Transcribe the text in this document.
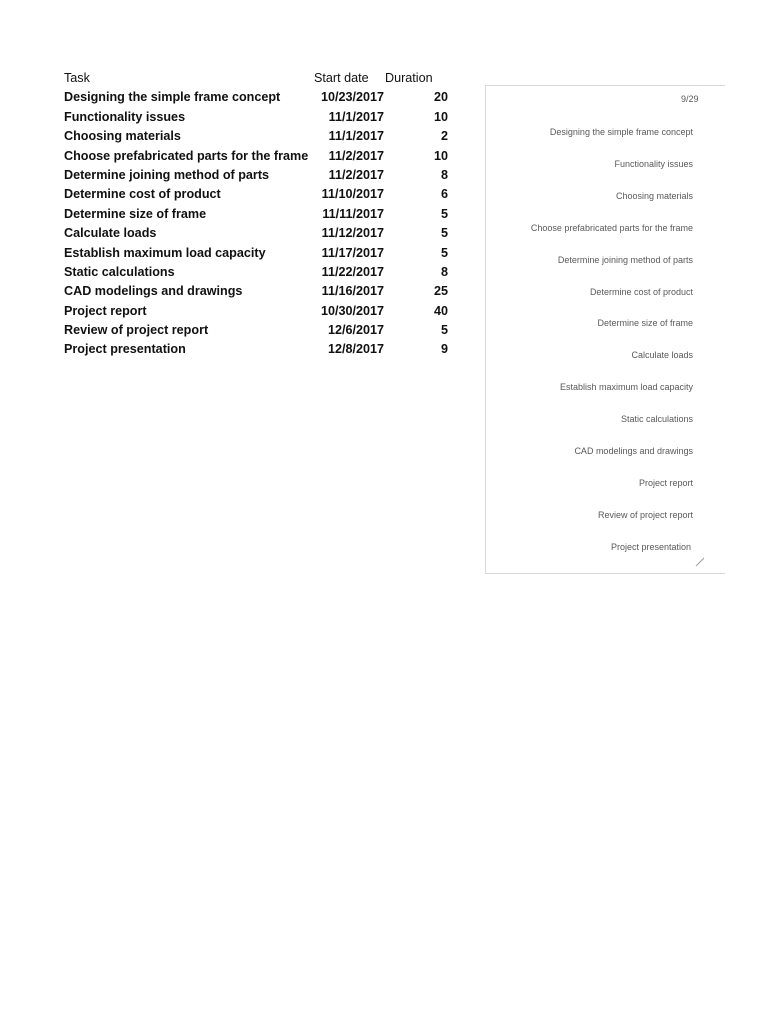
Task	Start date Duration
Designing the simple frame concept	10/23/2017	20
Functionality issues	11/1/2017	10
Choosing materials	11/1/2017	2
Choose prefabricated parts for the frame	11/2/2017	10
Determine joining method of parts	11/2/2017	8
Determine cost of product	11/10/2017	6
Determine size of frame	11/11/2017	5
Calculate loads	11/12/2017	5
Establish maximum load capacity	11/17/2017	5
Static calculations	11/22/2017	8
CAD modelings and drawings	11/16/2017	25
Project report	10/30/2017	40
Review of project report	12/6/2017	5
Project presentation	12/8/2017	9
9/29
Designing the simple frame concept
Functionality issues
Choosing materials
Choose prefabricated parts for the frame
Determine joining method of parts
Determine cost of product
Determine size of frame
Calculate loads
Establish maximum load capacity
Static calculations
CAD modelings and drawings
Project report
Review of project report
Project presentation
